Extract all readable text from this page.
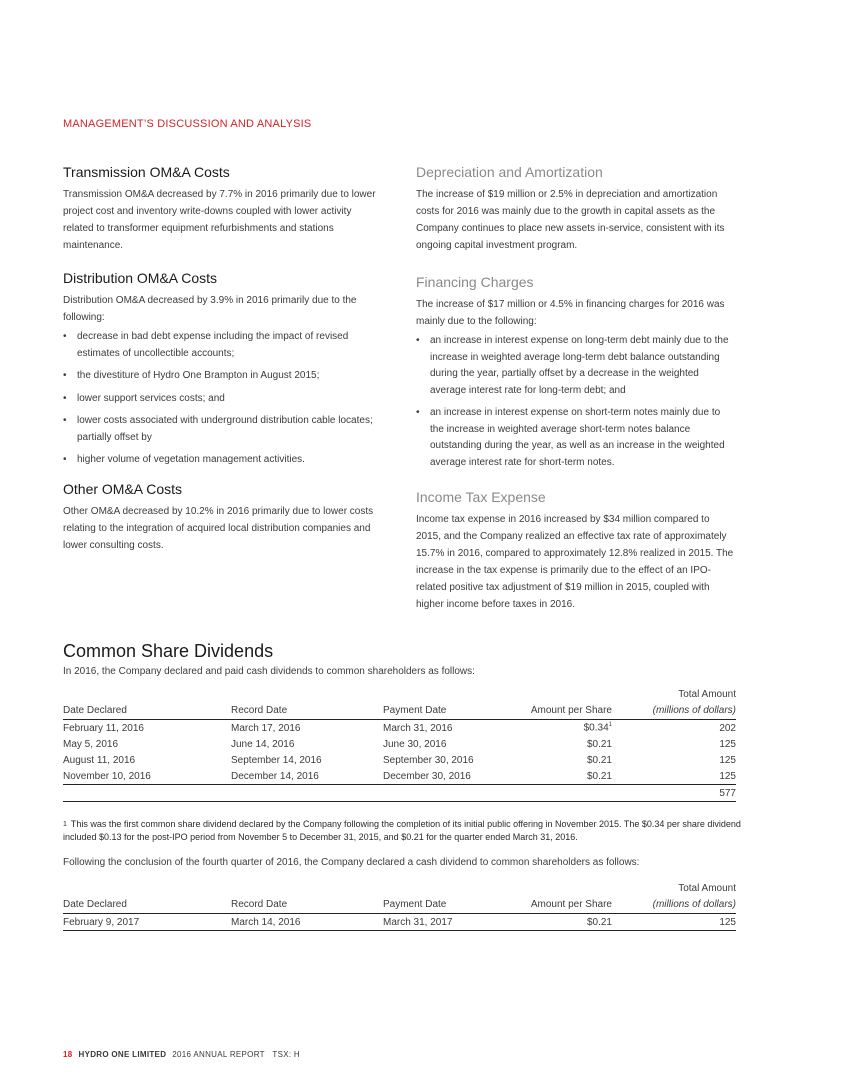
MANAGEMENT’S DISCUSSION AND ANALYSIS
Transmission OM&A Costs

Transmission OM&A decreased by 7.7% in 2016 primarily due to lower project cost and inventory write-downs coupled with lower activity related to transformer equipment refurbishments and stations maintenance.

Distribution OM&A Costs

Distribution OM&A decreased by 3.9% in 2016 primarily due to the following:

• decrease in bad debt expense including the impact of revised estimates of uncollectible accounts;
• the divestiture of Hydro One Brampton in August 2015;
• lower support services costs; and
• lower costs associated with underground distribution cable locates; partially offset by
• higher volume of vegetation management activities.
Other OM&A Costs

Other OM&A decreased by 10.2% in 2016 primarily due to lower costs relating to the integration of acquired local distribution companies and lower consulting costs.

Depreciation and Amortization

The increase of $19 million or 2.5% in depreciation and amortization costs for 2016 was mainly due to the growth in capital assets as the Company continues to place new assets in-service, consistent with its ongoing capital investment program.

Financing Charges

The increase of $17 million or 4.5% in financing charges for 2016 was mainly due to the following:

• an increase in interest expense on long-term debt mainly due to the increase in weighted average long-term debt balance outstanding during the year, partially offset by a decrease in the weighted average interest rate for long-term debt; and
• an increase in interest expense on short-term notes mainly due to the increase in weighted average short-term notes balance outstanding during the year, as well as an increase in the weighted average interest rate for short-term notes.
Income Tax Expense

Income tax expense in 2016 increased by $34 million compared to 2015, and the Company realized an effective tax rate of approximately 15.7% in 2016, compared to approximately 12.8% realized in 2015. The increase in the tax expense is primarily due to the effect of an IPO-related positive tax adjustment of $19 million in 2015, coupled with higher income before taxes in 2016.

Common Share Dividends
In 2016, the Company declared and paid cash dividends to common shareholders as follows:
				Total Amount
Date Declared	Record Date	Payment Date	Amount per Share	(millions of dollars)
February 11, 2016	March 17, 2016	March 31, 2016	$0.34$^1$	202
May 5, 2016	June 14, 2016	June 30, 2016	$0.21	125
August 11, 2016	September 14, 2016	September 30, 2016	$0.21	125
November 10, 2016	December 14, 2016	December 30, 2016	$0.21	125
				577
$^1$ This was the first common share dividend declared by the Company following the completion of its initial public offering in November 2015. The $0.34 per share dividend included $0.13 for the post-IPO period from November 5 to December 31, 2015, and $0.21 for the quarter ended March 31, 2016.
Following the conclusion of the fourth quarter of 2016, the Company declared a cash dividend to common shareholders as follows:
				Total Amount
Date Declared	Record Date	Payment Date	Amount per Share	(millions of dollars)
February 9, 2017	March 14, 2016	March 31, 2017	$0.21	125
18 HYDRO ONE LIMITED 2016 ANNUAL REPORT TSX: H
